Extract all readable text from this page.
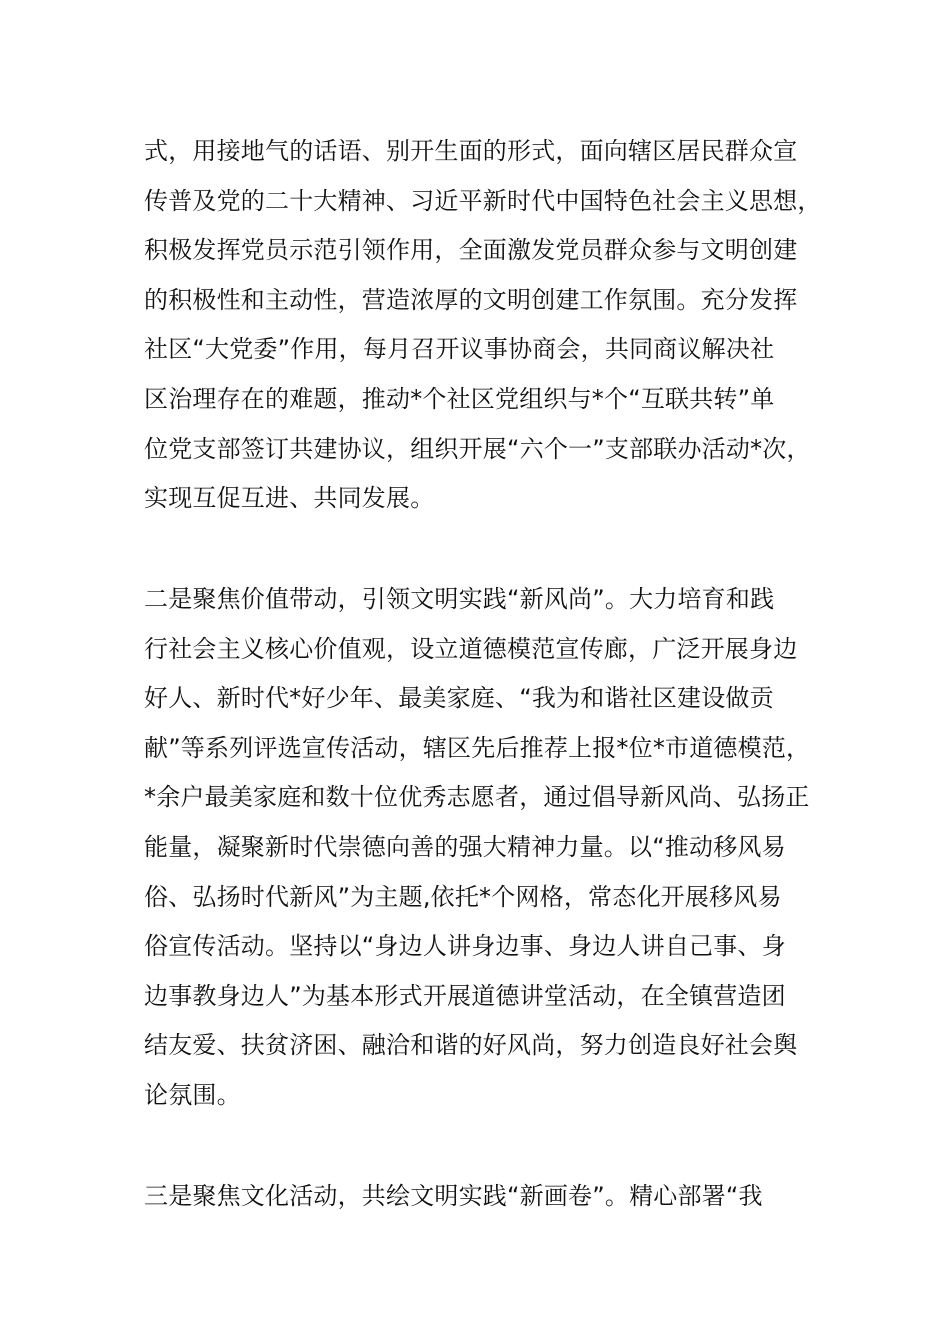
式，用接地气的话语、别开生面的形式，面向辖区居民群众宣
传普及党的二十大精神、习近平新时代中国特色社会主义思想，
积极发挥党员示范引领作用，全面激发党员群众参与文明创建
的积极性和主动性，营造浓厚的文明创建工作氛围。充分发挥
社区“大党委”作用，每月召开议事协商会，共同商议解决社
区治理存在的难题，推动*个社区党组织与*个“互联共转”单
位党支部签订共建协议，组织开展“六个一”支部联办活动*次，
实现互促互进、共同发展。
二是聚焦价值带动，引领文明实践“新风尚”。大力培育和践
行社会主义核心价值观，设立道德模范宣传廊，广泛开展身边
好人、新时代*好少年、最美家庭、“我为和谐社区建设做贡
献”等系列评选宣传活动，辖区先后推荐上报*位*市道德模范，
*余户最美家庭和数十位优秀志愿者，通过倡导新风尚、弘扬正
能量，凝聚新时代崇德向善的强大精神力量。以“推动移风易
俗、弘扬时代新风”为主题,依托*个网格，常态化开展移风易
俗宣传活动。坚持以“身边人讲身边事、身边人讲自己事、身
边事教身边人”为基本形式开展道德讲堂活动，在全镇营造团
结友爱、扶贫济困、融洽和谐的好风尚，努力创造良好社会舆
论氛围。
三是聚焦文化活动，共绘文明实践“新画卷”。精心部署“我
